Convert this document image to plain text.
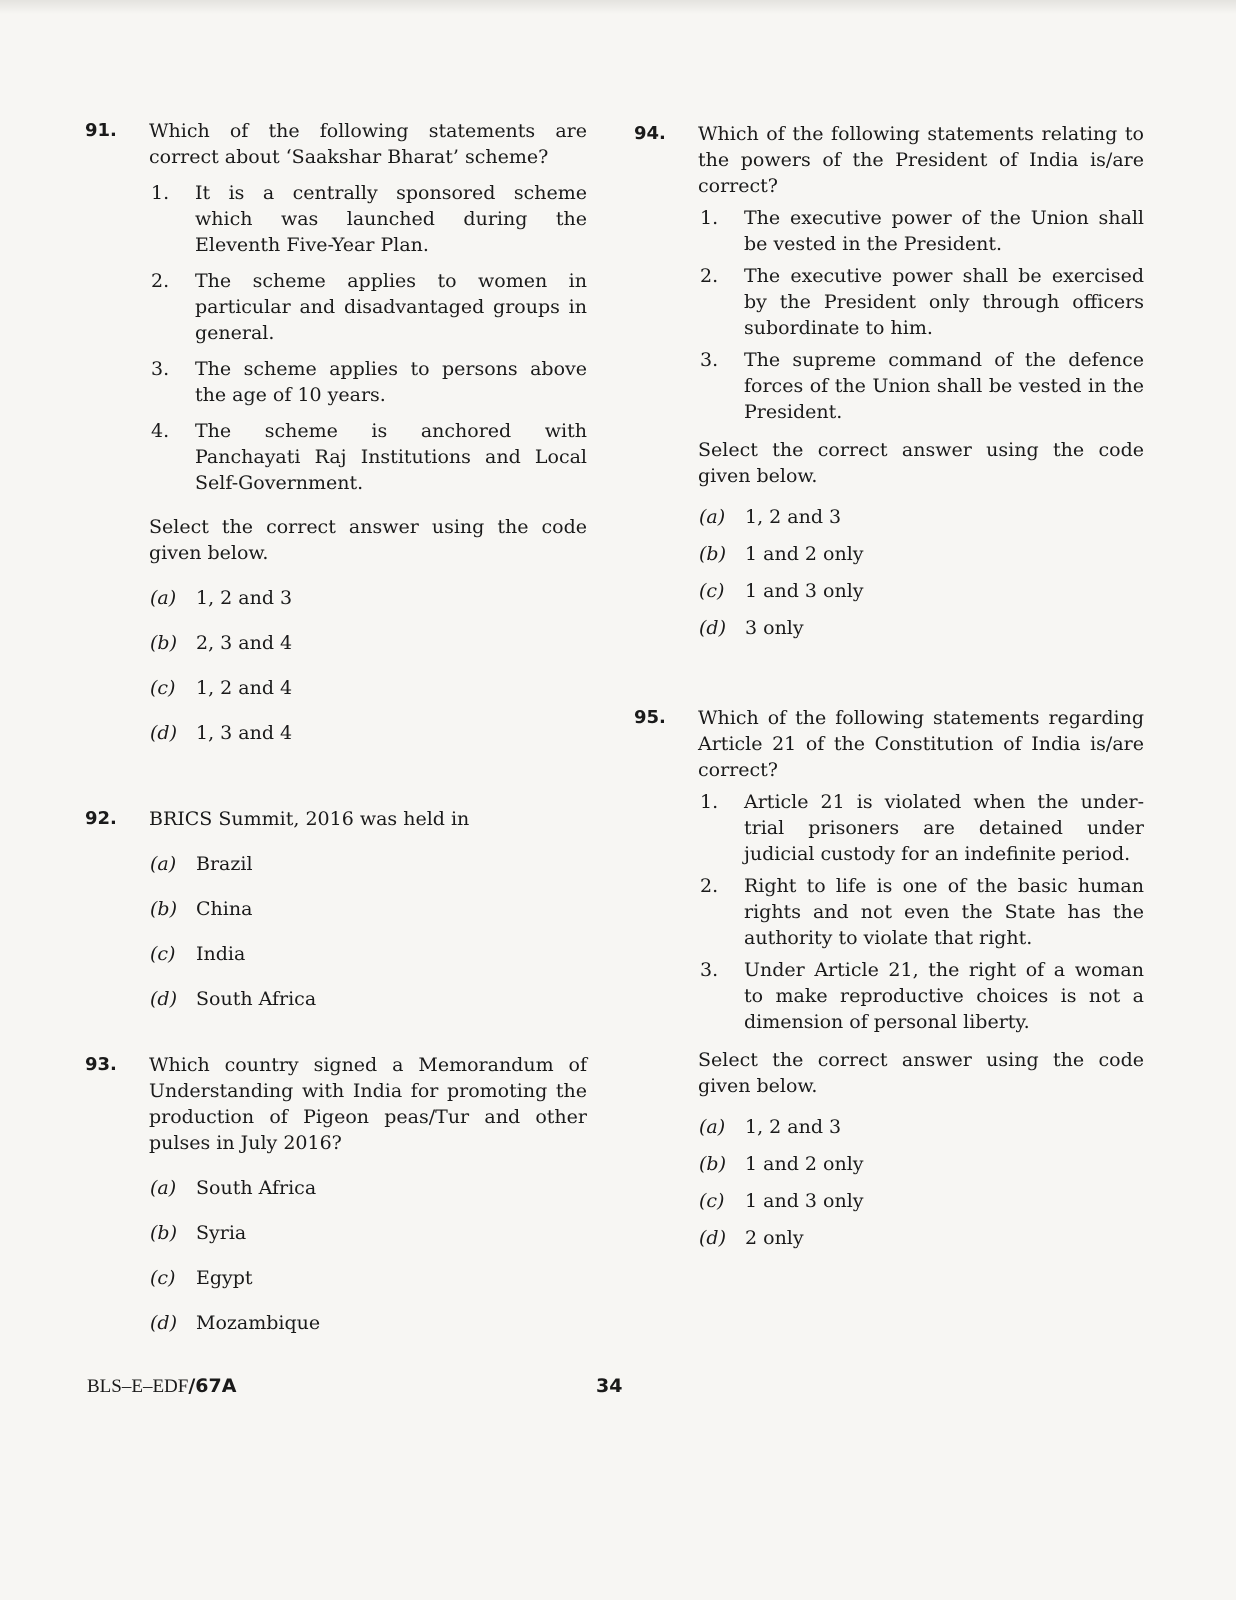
91.	Which of the following statements are correct about ‘Saakshar Bharat’ scheme?
1. It is a centrally sponsored scheme which was launched during the Eleventh Five-Year Plan.
2. The scheme applies to women in particular and disadvantaged groups in general.
3. The scheme applies to persons above the age of 10 years.
4. The scheme is anchored with Panchayati Raj Institutions and Local Self-Government.
Select the correct answer using the code given below.
(a) 1, 2 and 3
(b) 2, 3 and 4
(c) 1, 2 and 4
(d) 1, 3 and 4
92.	BRICS Summit, 2016 was held in
(a) Brazil
(b) China
(c) India
(d) South Africa
93.	Which country signed a Memorandum of Understanding with India for promoting the production of Pigeon peas/Tur and other pulses in July 2016?
(a) South Africa
(b) Syria
(c) Egypt
(d) Mozambique
94.	Which of the following statements relating to the powers of the President of India is/are correct?
1. The executive power of the Union shall be vested in the President.
2. The executive power shall be exercised by the President only through officers subordinate to him.
3. The supreme command of the defence forces of the Union shall be vested in the President.
Select the correct answer using the code given below.
(a) 1, 2 and 3
(b) 1 and 2 only
(c) 1 and 3 only
(d) 3 only
95.	Which of the following statements regarding Article 21 of the Constitution of India is/are correct?
1. Article 21 is violated when the under-trial prisoners are detained under judicial custody for an indefinite period.
2. Right to life is one of the basic human rights and not even the State has the authority to violate that right.
3. Under Article 21, the right of a woman to make reproductive choices is not a dimension of personal liberty.
Select the correct answer using the code given below.
(a) 1, 2 and 3
(b) 1 and 2 only
(c) 1 and 3 only
(d) 2 only
BLS–E–EDF/67A	34
